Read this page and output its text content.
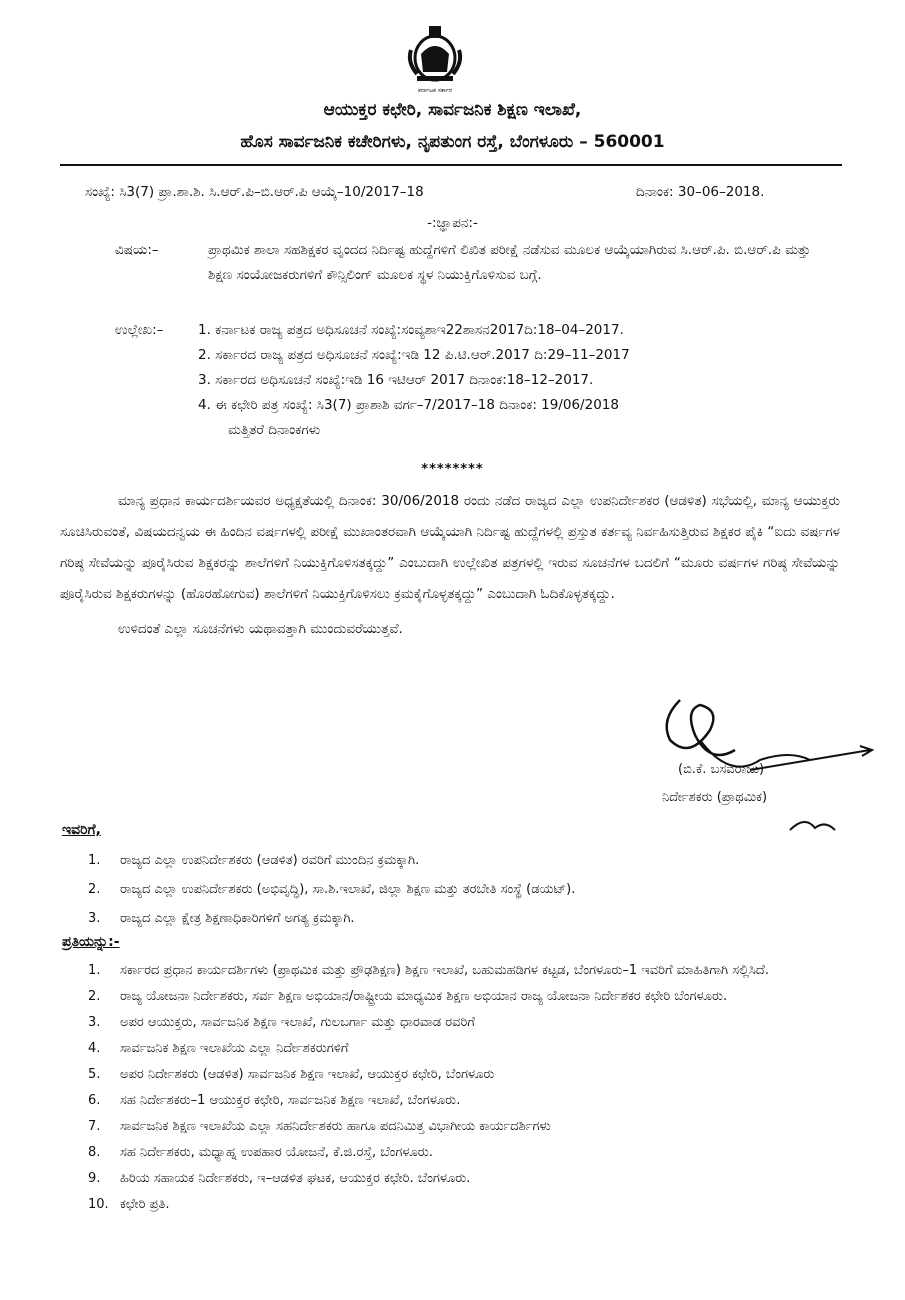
ಕರ್ನಾಟಕ ಸರ್ಕಾರ
ಆಯುಕ್ತರ ಕಛೇರಿ, ಸಾರ್ವಜನಿಕ ಶಿಕ್ಷಣ ಇಲಾಖೆ,
ಹೊಸ ಸಾರ್ವಜನಿಕ ಕಚೇರಿಗಳು, ನೃಪತುಂಗ ರಸ್ತೆ, ಬೆಂಗಳೂರು – 560001
ಸಂಖ್ಯೆ: ಸಿ3(7) ಪ್ರಾ.ಶಾ.ಶಿ. ಸಿ.ಆರ್.ಪಿ–ಬಿ.ಆರ್.ಪಿ ಆಯ್ಕೆ–10/2017–18	ದಿನಾಂಕ: 30–06–2018.
-:ಜ್ಞಾಪನ:-
ವಿಷಯ:–	ಪ್ರಾಥಮಿಕ ಶಾಲಾ ಸಹಶಿಕ್ಷಕರ ವೃಂದದ ನಿರ್ದಿಷ್ಟ ಹುದ್ದೆಗಳಿಗೆ ಲಿಖಿತ ಪರೀಕ್ಷೆ ನಡೆಸುವ ಮೂಲಕ ಆಯ್ಕೆಯಾಗಿರುವ ಸಿ.ಆರ್.ಪಿ. ಬಿ.ಆರ್.ಪಿ ಮತ್ತು ಶಿಕ್ಷಣ ಸಂಯೋಜಕರುಗಳಿಗೆ ಕೌನ್ಸಿಲಿಂಗ್ ಮೂಲಕ ಸ್ಥಳ ನಿಯುಕ್ತಿಗೊಳಿಸುವ ಬಗ್ಗೆ.
ಉಲ್ಲೇಖ:–	1. ಕರ್ನಾಟಕ ರಾಜ್ಯ ಪತ್ರದ ಅಧಿಸೂಚನೆ ಸಂಖ್ಯೆ:ಸಂವ್ಯಶಾಇ22ಶಾಸನ2017ದಿ:18–04–2017.
2. ಸರ್ಕಾರದ ರಾಜ್ಯ ಪತ್ರದ ಅಧಿಸೂಚನೆ ಸಂಖ್ಯೆ:ಇಡಿ 12 ಪಿ.ಟಿ.ಆರ್.2017 ದಿ:29–11–2017
3. ಸರ್ಕಾರದ ಅಧಿಸೂಚನೆ ಸಂಖ್ಯೆ:ಇಡಿ 16 ಇಟಿಆರ್ 2017 ದಿನಾಂಕ:18–12–2017.
4. ಈ ಕಛೇರಿ ಪತ್ರ ಸಂಖ್ಯೆ: ಸಿ3(7) ಪ್ರಾಶಾಶಿ ವರ್ಗ–7/2017–18 ದಿನಾಂಕ: 19/06/2018
ಮತ್ತಿತರೆ ದಿನಾಂಕಗಳು
********

ಮಾನ್ಯ ಪ್ರಧಾನ ಕಾರ್ಯದರ್ಶಿಯವರ ಅಧ್ಯಕ್ಷತೆಯಲ್ಲಿ ದಿನಾಂಕ: 30/06/2018 ರಂದು ನಡೆದ ರಾಜ್ಯದ ಎಲ್ಲಾ ಉಪನಿರ್ದೇಶಕರ (ಆಡಳಿತ) ಸಭೆಯಲ್ಲಿ, ಮಾನ್ಯ ಆಯುಕ್ತರು ಸೂಚಿಸಿರುವಂತೆ, ವಿಷಯದನ್ವಯ ಈ ಹಿಂದಿನ ವರ್ಷಗಳಲ್ಲಿ ಪರೀಕ್ಷೆ ಮುಖಾಂತರವಾಗಿ ಆಯ್ಕೆಯಾಗಿ ನಿರ್ದಿಷ್ಟ ಹುದ್ದೆಗಳಲ್ಲಿ ಪ್ರಸ್ತುತ ಕರ್ತವ್ಯ ನಿರ್ವಹಿಸುತ್ತಿರುವ ಶಿಕ್ಷಕರ ಪೈಕಿ “ಐದು ವರ್ಷಗಳ ಗರಿಷ್ಠ ಸೇವೆಯನ್ನು ಪೂರೈಸಿರುವ ಶಿಕ್ಷಕರನ್ನು ಶಾಲೆಗಳಿಗೆ ನಿಯುಕ್ತಿಗೊಳಿಸತಕ್ಕದ್ದು” ಎಂಬುದಾಗಿ ಉಲ್ಲೇಖಿತ ಪತ್ರಗಳಲ್ಲಿ ಇರುವ ಸೂಚನೆಗಳ ಬದಲಿಗೆ “ಮೂರು ವರ್ಷಗಳ ಗರಿಷ್ಠ ಸೇವೆಯನ್ನು ಪೂರೈಸಿರುವ ಶಿಕ್ಷಕರುಗಳನ್ನು (ಹೊರಹೋಗುವ) ಶಾಲೆಗಳಿಗೆ ನಿಯುಕ್ತಿಗೊಳಿಸಲು ಕ್ರಮಕೈಗೊಳ್ಳತಕ್ಕದ್ದು” ಎಂಬುದಾಗಿ ಓದಿಕೊಳ್ಳತಕ್ಕದ್ದು.

ಉಳಿದಂತೆ ಎಲ್ಲಾ ಸೂಚನೆಗಳು ಯಥಾವತ್ತಾಗಿ ಮುಂದುವರೆಯುತ್ತವೆ.

(ಬಿ.ಕೆ. ಬಸವರಾಜು)
ನಿರ್ದೇಶಕರು (ಪ್ರಾಥಮಿಕ)
ಇವರಿಗೆ,
1.	ರಾಜ್ಯದ ಎಲ್ಲಾ ಉಪನಿರ್ದೇಶಕರು (ಆಡಳಿತ) ರವರಿಗೆ ಮುಂದಿನ ಕ್ರಮಕ್ಕಾಗಿ.
2.	ರಾಜ್ಯದ ಎಲ್ಲಾ ಉಪನಿರ್ದೇಶಕರು (ಅಭಿವೃದ್ಧಿ), ಸಾ.ಶಿ.ಇಲಾಖೆ, ಜಿಲ್ಲಾ ಶಿಕ್ಷಣ ಮತ್ತು ತರಬೇತಿ ಸಂಸ್ಥೆ (ಡಯಟ್).
3.	ರಾಜ್ಯದ ಎಲ್ಲಾ ಕ್ಷೇತ್ರ ಶಿಕ್ಷಣಾಧಿಕಾರಿಗಳಿಗೆ ಅಗತ್ಯ ಕ್ರಮಕ್ಕಾಗಿ.
ಪ್ರತಿಯನ್ನು:-
1.	ಸರ್ಕಾರದ ಪ್ರಧಾನ ಕಾರ್ಯದರ್ಶಿಗಳು (ಪ್ರಾಥಮಿಕ ಮತ್ತು ಪ್ರೌಢಶಿಕ್ಷಣ) ಶಿಕ್ಷಣ ಇಲಾಖೆ, ಬಹುಮಹಡಿಗಳ ಕಟ್ಟಡ, ಬೆಂಗಳೂರು–1 ಇವರಿಗೆ ಮಾಹಿತಿಗಾಗಿ ಸಲ್ಲಿಸಿದೆ.
2.	ರಾಜ್ಯ ಯೋಜನಾ ನಿರ್ದೇಶಕರು, ಸರ್ವ ಶಿಕ್ಷಣ ಅಭಿಯಾನ/ರಾಷ್ಟ್ರೀಯ ಮಾಧ್ಯಮಿಕ ಶಿಕ್ಷಣ ಅಭಿಯಾನ ರಾಜ್ಯ ಯೋಜನಾ ನಿರ್ದೇಶಕರ ಕಛೇರಿ ಬೆಂಗಳೂರು.
3.	ಅಪರ ಆಯುಕ್ತರು, ಸಾರ್ವಜನಿಕ ಶಿಕ್ಷಣ ಇಲಾಖೆ, ಗುಲಬರ್ಗಾ ಮತ್ತು ಧಾರವಾಡ ರವರಿಗೆ
4.	ಸಾರ್ವಜನಿಕ ಶಿಕ್ಷಣ ಇಲಾಖೆಯ ಎಲ್ಲಾ ನಿರ್ದೇಶಕರುಗಳಿಗೆ
5.	ಅಪರ ನಿರ್ದೇಶಕರು (ಆಡಳಿತ) ಸಾರ್ವಜನಿಕ ಶಿಕ್ಷಣ ಇಲಾಖೆ, ಆಯುಕ್ತರ ಕಛೇರಿ, ಬೆಂಗಳೂರು
6.	ಸಹ ನಿರ್ದೇಶಕರು–1 ಆಯುಕ್ತರ ಕಛೇರಿ, ಸಾರ್ವಜನಿಕ ಶಿಕ್ಷಣ ಇಲಾಖೆ, ಬೆಂಗಳೂರು.
7.	ಸಾರ್ವಜನಿಕ ಶಿಕ್ಷಣ ಇಲಾಖೆಯ ಎಲ್ಲಾ ಸಹನಿರ್ದೇಶಕರು ಹಾಗೂ ಪದನಿಮಿತ್ತ ವಿಭಾಗೀಯ ಕಾರ್ಯದರ್ಶಿಗಳು
8.	ಸಹ ನಿರ್ದೇಶಕರು, ಮಧ್ಯಾಹ್ನ ಉಪಹಾರ ಯೋಜನೆ, ಕೆ.ಜಿ.ರಸ್ತೆ, ಬೆಂಗಳೂರು.
9.	ಹಿರಿಯ ಸಹಾಯಕ ನಿರ್ದೇಶಕರು, ಇ–ಆಡಳಿತ ಘಟಕ, ಆಯುಕ್ತರ ಕಛೇರಿ. ಬೆಂಗಳೂರು.
10. ಕಛೇರಿ ಪ್ರತಿ.
